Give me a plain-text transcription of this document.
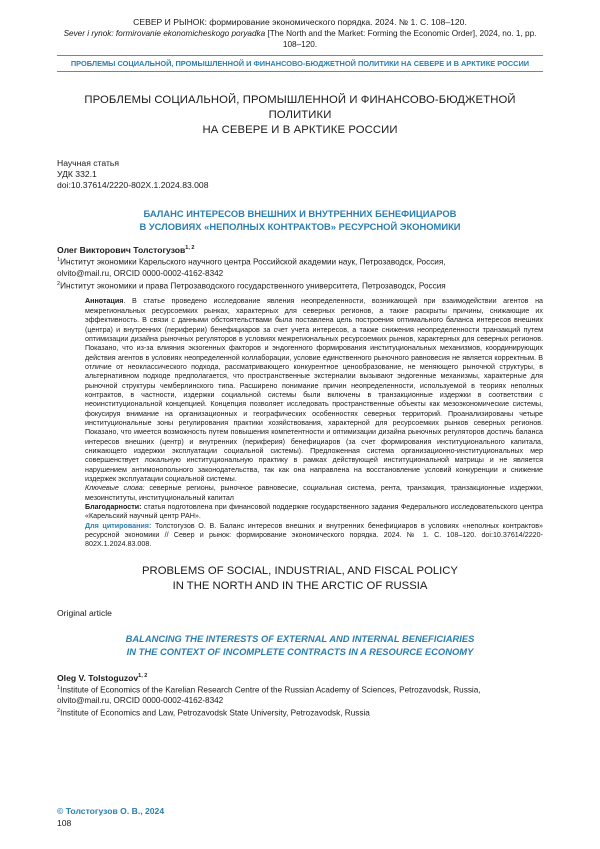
СЕВЕР И РЫНОК: формирование экономического порядка. 2024. № 1. С. 108–120.
Sever i rynok: formirovanie ekonomicheskogo poryadka [The North and the Market: Forming the Economic Order], 2024, no. 1, pp. 108–120.
ПРОБЛЕМЫ СОЦИАЛЬНОЙ, ПРОМЫШЛЕННОЙ И ФИНАНСОВО-БЮДЖЕТНОЙ ПОЛИТИКИ НА СЕВЕРЕ И В АРКТИКЕ РОССИИ
ПРОБЛЕМЫ СОЦИАЛЬНОЙ, ПРОМЫШЛЕННОЙ И ФИНАНСОВО-БЮДЖЕТНОЙ ПОЛИТИКИ
НА СЕВЕРЕ И В АРКТИКЕ РОССИИ
Научная статья
УДК 332.1
doi:10.37614/2220-802X.1.2024.83.008
БАЛАНС ИНТЕРЕСОВ ВНЕШНИХ И ВНУТРЕННИХ БЕНЕФИЦИАРОВ
В УСЛОВИЯХ «НЕПОЛНЫХ КОНТРАКТОВ» РЕСУРСНОЙ ЭКОНОМИКИ
Олег Викторович Толстогузов$^{1, 2}$

$^1$Институт экономики Карельского научного центра Российской академии наук, Петрозаводск, Россия,

olvito@mail.ru, ORCID 0000-0002-4162-8342

$^2$Институт экономики и права Петрозаводского государственного университета, Петрозаводск, Россия

Аннотация. В статье проведено исследование явления неопределенности, возникающей при взаимодействии агентов на межрегиональных ресурсоемких рынках, характерных для северных регионов, а также раскрыты причины, снижающие их эффективность. В связи с данными обстоятельствами была поставлена цель построения оптимального баланса интересов внешних (центра) и внутренних (периферии) бенефициаров за счет учета интересов, а также снижения неопределенности транзакций путем оптимизации дизайна рыночных регуляторов в условиях межрегиональных ресурсоемких рынков, характерных для северных регионов. Показано, что из-за влияния экзогенных факторов и эндогенного формирования институциональных механизмов, координирующих действия агентов в условиях неопределенной коллаборации, условие единственного рыночного равновесия не является корректным. В отличие от неоклассического подхода, рассматривающего конкурентное ценообразование, не меняющего рыночной структуры, в альтернативном подходе предполагается, что пространственные экстерналии вызывают эндогенные механизмы, характерные для рыночной структуры чемберлинского типа. Расширено понимание причин неопределенности, используемой в теориях неполных контрактов, в частности, издержки социальной системы были включены в транзакционные издержки в соответствии с неоинституциональной концепцией. Концепция позволяет исследовать пространственные объекты как мезоэкономические системы, фокусируя внимание на организационных и географических особенностях северных территорий. Проанализированы четыре институциональные зоны регулирования практики хозяйствования, характерной для ресурсоемких рынков северных регионов. Показано, что имеется возможность путем повышения компетентности и оптимизации дизайна рыночных регуляторов достичь баланса интересов внешних (центр) и внутренних (периферия) бенефициаров (за счет формирования институционального капитала, снижающего издержки эксплуатации социальной системы). Предложенная система организационно-институциональных мер совершенствует локальную институциональную практику в рамках действующей институциональной матрицы и не является нарушением антимонопольного законодательства, так как она направлена на восстановление условий конкуренции и снижение издержек эксплуатации социальной системы.

Ключевые слова: северные регионы, рыночное равновесие, социальная система, рента, транзакция, транзакционные издержки, мезоинституты, институциональный капитал

Благодарности: статья подготовлена при финансовой поддержке государственного задания Федерального исследовательского центра «Карельский научный центр РАН».

Для цитирования: Толстогузов О. В. Баланс интересов внешних и внутренних бенефициаров в условиях «неполных контрактов» ресурсной экономики // Север и рынок: формирование экономического порядка. 2024. № 1. С. 108–120. doi:10.37614/2220-802X.1.2024.83.008.

PROBLEMS OF SOCIAL, INDUSTRIAL, AND FISCAL POLICY
IN THE NORTH AND IN THE ARCTIC OF RUSSIA
Original article
BALANCING THE INTERESTS OF EXTERNAL AND INTERNAL BENEFICIARIES
IN THE CONTEXT OF INCOMPLETE CONTRACTS IN A RESOURCE ECONOMY
Oleg V. Tolstoguzov$^{1, 2}$

$^1$Institute of Economics of the Karelian Research Centre of the Russian Academy of Sciences, Petrozavodsk, Russia,

olvito@mail.ru, ORCID 0000-0002-4162-8342

$^2$Institute of Economics and Law, Petrozavodsk State University, Petrozavodsk, Russia

© Толстогузов О. В., 2024
108
